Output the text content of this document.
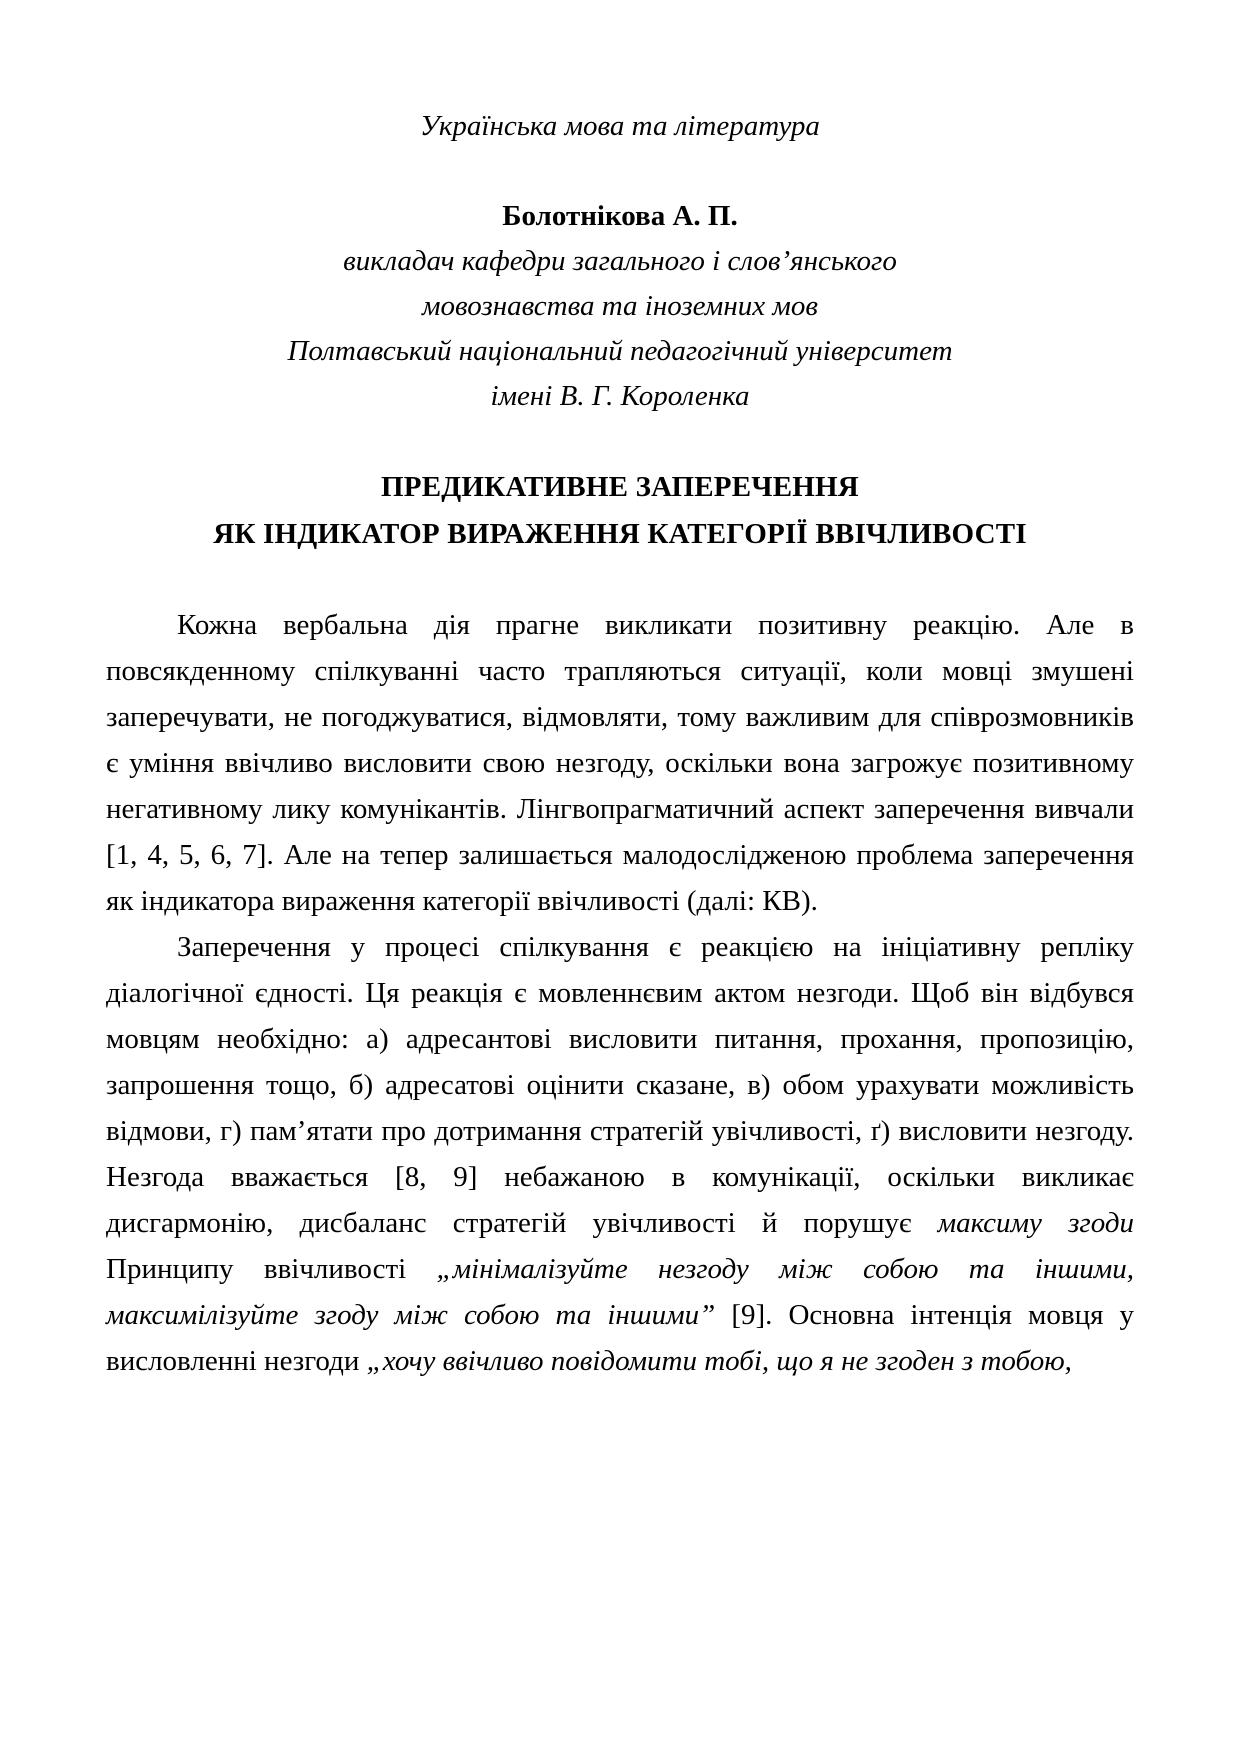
Українська мова та література

Болотнікова А. П.

викладач кафедри загального і слов’янського

мовознавства та іноземних мов

Полтавський національний педагогічний університет

імені В. Г. Короленка

ПРЕДИКАТИВНЕ ЗАПЕРЕЧЕННЯ
ЯК ІНДИКАТОР ВИРАЖЕННЯ КАТЕГОРІЇ ВВІЧЛИВОСТІ

Кожна вербальна дія прагне викликати позитивну реакцію. Але в повсякденному спілкуванні часто трапляються ситуації, коли мовці змушені заперечувати, не погоджуватися, відмовляти, тому важливим для співрозмовників є уміння ввічливо висловити свою незгоду, оскільки вона загрожує позитивному негативному лику комунікантів. Лінгвопрагматичний аспект заперечення вивчали [1, 4, 5, 6, 7]. Але на тепер залишається малодослідженою проблема заперечення як індикатора вираження категорії ввічливості (далі: КВ).

Заперечення у процесі спілкування є реакцією на ініціативну репліку діалогічної єдності. Ця реакція є мовленнєвим актом незгоди. Щоб він відбувся мовцям необхідно: а) адресантові висловити питання, прохання, пропозицію, запрошення тощо, б) адресатові оцінити сказане, в) обом урахувати можливість відмови, г) пам’ятати про дотримання стратегій увічливості, ґ) висловити незгоду. Незгода вважається [8, 9] небажаною в комунікації, оскільки викликає дисгармонію, дисбаланс стратегій увічливості й порушує максиму згоди Принципу ввічливості „мінімалізуйте незгоду між собою та іншими, максимілізуйте згоду між собою та іншими” [9]. Основна інтенція мовця у висловленні незгоди „хочу ввічливо повідомити тобі, що я не згоден з тобою,
